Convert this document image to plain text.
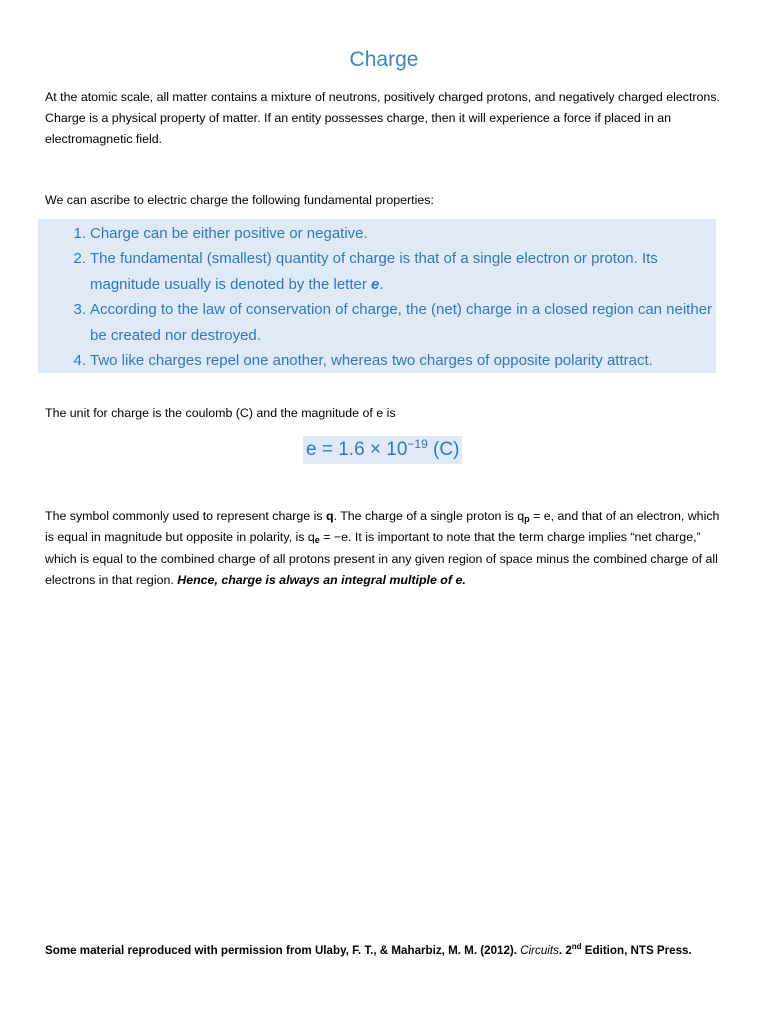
Charge

At the atomic scale, all matter contains a mixture of neutrons, positively charged protons, and negatively charged electrons. Charge is a physical property of matter. If an entity possesses charge, then it will experience a force if placed in an electromagnetic field.

We can ascribe to electric charge the following fundamental properties:

1. Charge can be either positive or negative.
2. The fundamental (smallest) quantity of charge is that of a single electron or proton. Its magnitude usually is denoted by the letter e.
3. According to the law of conservation of charge, the (net) charge in a closed region can neither be created nor destroyed.
4. Two like charges repel one another, whereas two charges of opposite polarity attract.

The unit for charge is the coulomb (C) and the magnitude of e is

$e = 1.6 \times 10^{-19}$ (C)

The symbol commonly used to represent charge is q. The charge of a single proton is $q_p = e$, and that of an electron, which is equal in magnitude but opposite in polarity, is $q_e = -e$. It is important to note that the term charge implies “net charge,” which is equal to the combined charge of all protons present in any given region of space minus the combined charge of all electrons in that region. Hence, charge is always an integral multiple of e.

Some material reproduced with permission from Ulaby, F. T., & Maharbiz, M. M. (2012). Circuits. 2nd Edition, NTS Press.
